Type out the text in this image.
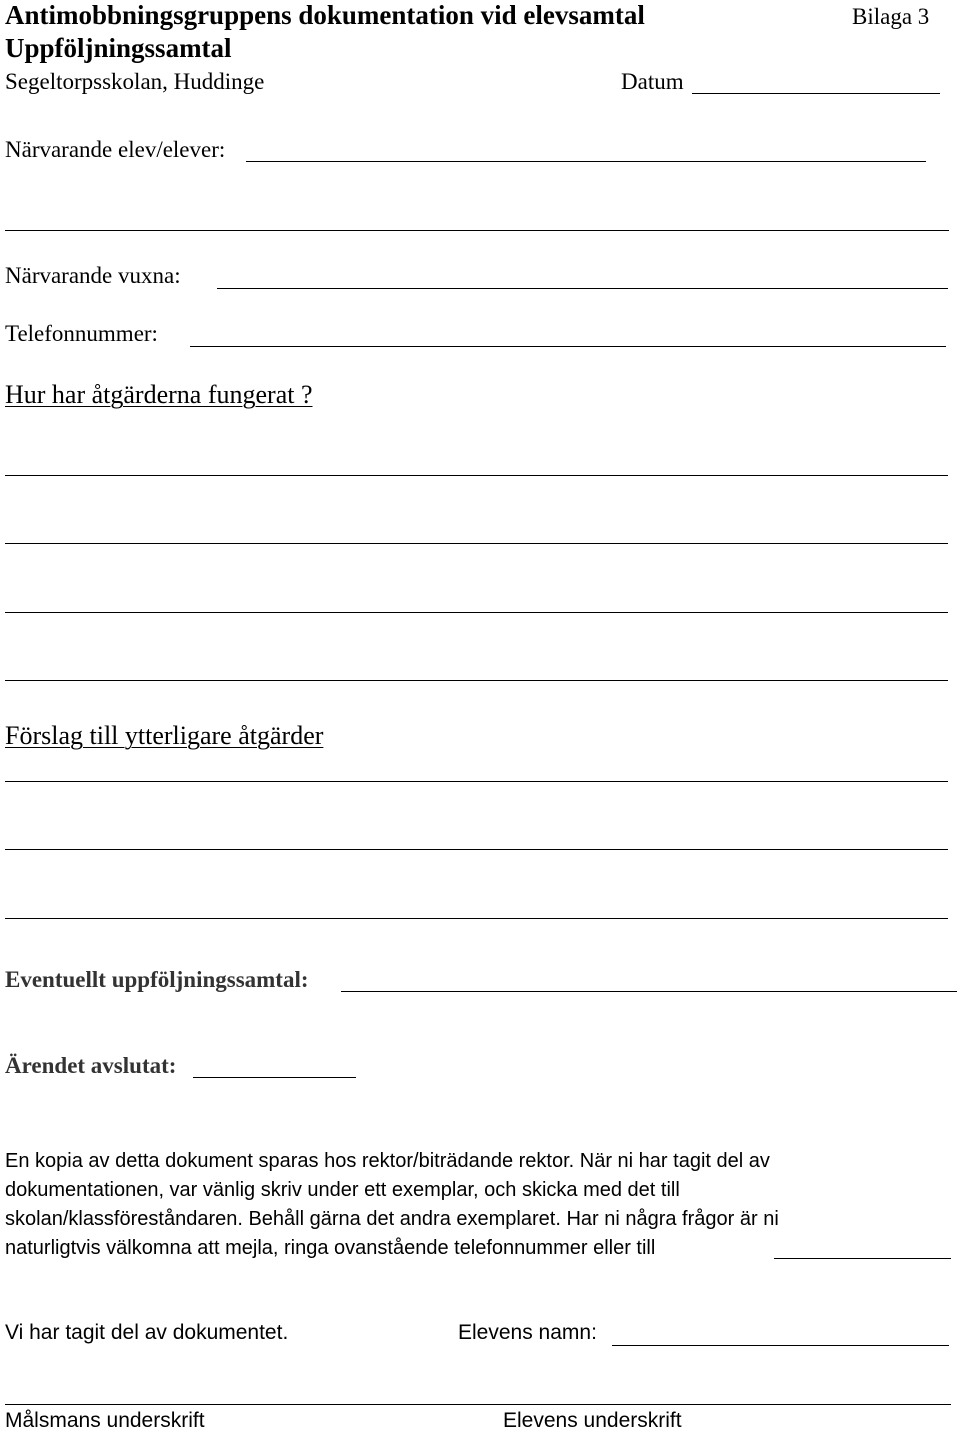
Antimobbningsgruppens dokumentation vid elevsamtal	Bilaga 3
Uppföljningssamtal
Segeltorpsskolan, Huddinge	Datum
Närvarande elev/elever:
Närvarande vuxna:
Telefonnummer:
Hur har åtgärderna fungerat ?
Förslag till ytterligare åtgärder
Eventuellt uppföljningssamtal:
Ärendet avslutat:
En kopia av detta dokument sparas hos rektor/biträdande rektor. När ni har tagit del av
dokumentationen, var vänlig skriv under ett exemplar, och skicka med det till
skolan/klassföreståndaren. Behåll gärna det andra exemplaret. Har ni några frågor är ni
naturligtvis välkomna att mejla, ringa ovanstående telefonnummer eller till
Vi har tagit del av dokumentet.	Elevens namn:
Målsmans underskrift	Elevens underskrift
